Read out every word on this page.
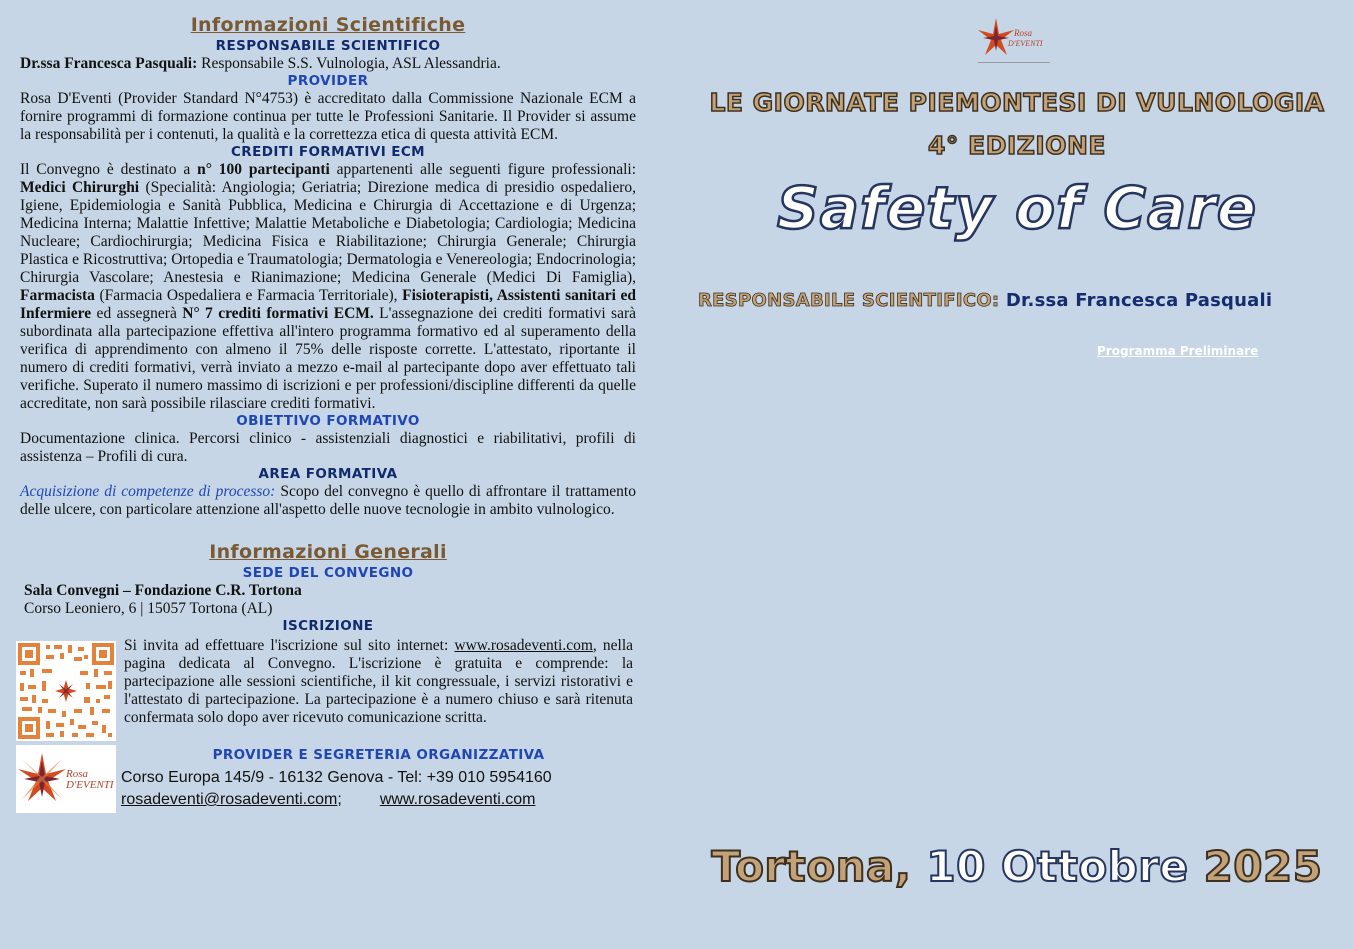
Informazioni Scientifiche
RESPONSABILE SCIENTIFICO

Dr.ssa Francesca Pasquali: Responsabile S.S. Vulnologia, ASL Alessandria.

PROVIDER

Rosa D'Eventi (Provider Standard N°4753) è accreditato dalla Commissione Nazionale ECM a fornire programmi di formazione continua per tutte le Professioni Sanitarie. Il Provider si assume la responsabilità per i contenuti, la qualità e la correttezza etica di questa attività ECM.

CREDITI FORMATIVI ECM

Il Convegno è destinato a n° 100 partecipanti appartenenti alle seguenti figure professionali: Medici Chirurghi (Specialità: Angiologia; Geriatria; Direzione medica di presidio ospedaliero, Igiene, Epidemiologia e Sanità Pubblica, Medicina e Chirurgia di Accettazione e di Urgenza; Medicina Interna; Malattie Infettive; Malattie Metaboliche e Diabetologia; Cardiologia; Medicina Nucleare; Cardiochirurgia; Medicina Fisica e Riabilitazione; Chirurgia Generale; Chirurgia Plastica e Ricostruttiva; Ortopedia e Traumatologia; Dermatologia e Venereologia; Endocrinologia; Chirurgia Vascolare; Anestesia e Rianimazione; Medicina Generale (Medici Di Famiglia), Farmacista (Farmacia Ospedaliera e Farmacia Territoriale), Fisioterapisti, Assistenti sanitari ed Infermiere ed assegnerà N° 7 crediti formativi ECM. L'assegnazione dei crediti formativi sarà subordinata alla partecipazione effettiva all'intero programma formativo ed al superamento della verifica di apprendimento con almeno il 75% delle risposte corrette. L'attestato, riportante il numero di crediti formativi, verrà inviato a mezzo e-mail al partecipante dopo aver effettuato tali verifiche. Superato il numero massimo di iscrizioni e per professioni/discipline differenti da quelle accreditate, non sarà possibile rilasciare crediti formativi.

OBIETTIVO FORMATIVO

Documentazione clinica. Percorsi clinico - assistenziali diagnostici e riabilitativi, profili di assistenza – Profili di cura.

AREA FORMATIVA

Acquisizione di competenze di processo: Scopo del convegno è quello di affrontare il trattamento delle ulcere, con particolare attenzione all'aspetto delle nuove tecnologie in ambito vulnologico.

Informazioni Generali
SEDE DEL CONVEGNO
Sala Convegni – Fondazione C.R. Tortona
Corso Leoniero, 6 | 15057 Tortona (AL)
ISCRIZIONE

Si invita ad effettuare l'iscrizione sul sito internet: www.rosadeventi.com, nella pagina dedicata al Convegno. L'iscrizione è gratuita e comprende: la partecipazione alle sessioni scientifiche, il kit congressuale, i servizi ristorativi e l'attestato di partecipazione. La partecipazione è a numero chiuso e sarà ritenuta confermata solo dopo aver ricevuto comunicazione scritta.

Rosa
D'EVENTI
PROVIDER E SEGRETERIA ORGANIZZATIVA
Corso Europa 145/9 - 16132 Genova - Tel: +39 010 5954160
rosadeventi@rosadeventi.com; www.rosadeventi.com
Rosa
D'EVENTI
LE GIORNATE PIEMONTESI DI VULNOLOGIA
4° EDIZIONE
Safety of Care
RESPONSABILE SCIENTIFICO: Dr.ssa Francesca Pasquali
Programma Preliminare
Tortona, 10 Ottobre 2025
